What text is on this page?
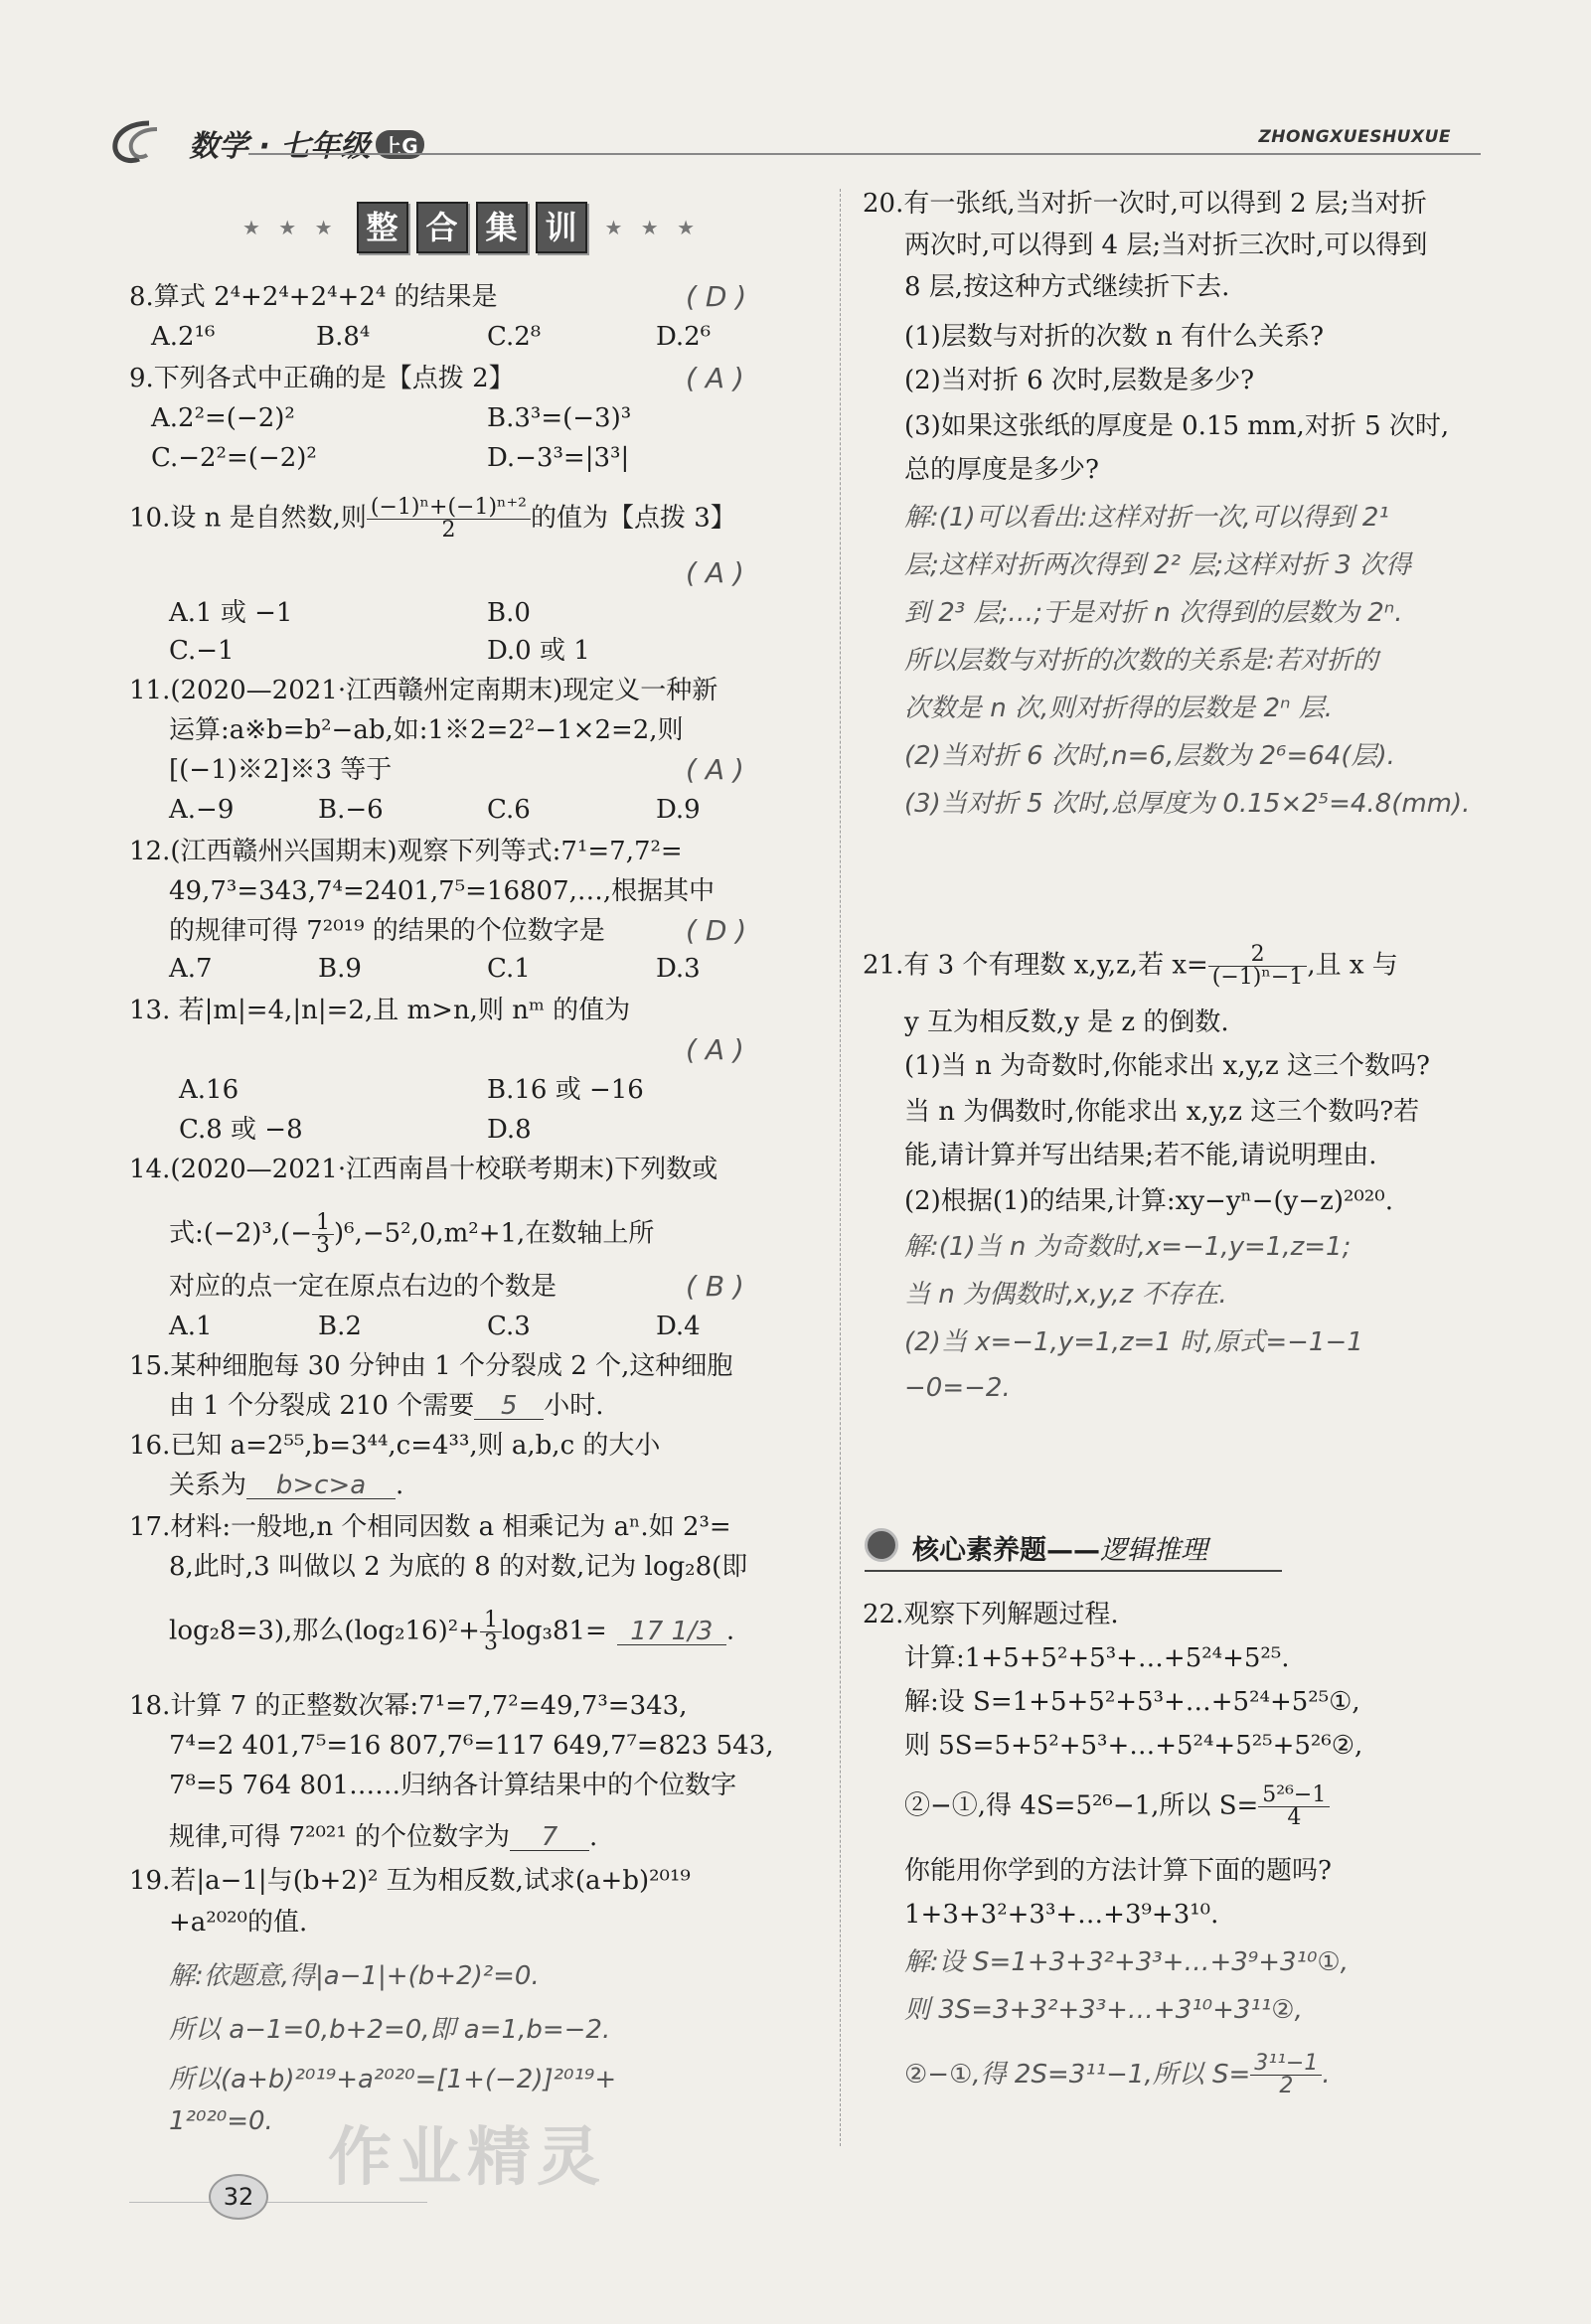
数学 · 七年级 上G	ZHONGXUESHUXUE
★ ★ ★ 整 合 集 训	★ ★ ★
8.算式 2⁴+2⁴+2⁴+2⁴ 的结果是	( D )
A.2¹⁶	B.8⁴	C.2⁸	D.2⁶
9.下列各式中正确的是【点拨 2】	( A )
A.2²=(−2)²	B.3³=(−3)³
C.−2²=(−2)²	D.−3³=|3³|
10.设 n 是自然数,则 $\frac{\text{(−1)ⁿ+(−1)ⁿ⁺²}}{2}$ 的值为【点拨 3】
( A )
A.1 或 −1	B.0
C.−1	D.0 或 1
11.(2020—2021·江西赣州定南期末)现定义一种新
运算:a※b=b²−ab,如:1※2=2²−1×2=2,则
[(−1)※2]※3 等于	( A )
A.−9	B.−6	C.6	D.9
12.(江西赣州兴国期末)观察下列等式:7¹=7,7²=
49,7³=343,7⁴=2401,7⁵=16807,…,根据其中
的规律可得 7²⁰¹⁹ 的结果的个位数字是	( D )
A.7	B.9	C.1	D.3
13. 若|m|=4,|n|=2,且 m>n,则 nᵐ 的值为
( A )
A.16	B.16 或 −16
C.8 或 −8	D.8
14.(2020—2021·江西南昌十校联考期末)下列数或
式:(−2)³,(− $\frac{1}{3} )^6,-5^2,0,m^2+1$,在数轴上所
对应的点一定在原点右边的个数是	( B )
A.1	B.2	C.3	D.4
15.某种细胞每 30 分钟由 1 个分裂成 2 个,这种细胞
由 1 个分裂成 210 个需要 5 小时.
16.已知 a=2⁵⁵,b=3⁴⁴,c=4³³,则 a,b,c 的大小
关系为 b>c>a .
17.材料:一般地,n 个相同因数 a 相乘记为 aⁿ.如 2³=
8,此时,3 叫做以 2 为底的 8 的对数,记为 log₂8(即
log₂8=3),那么$(\log_216)^2+ \frac{1}{3} \log_381= 17$ 1/3 .
18.计算 7 的正整数次幂:7¹=7,7²=49,7³=343,
7⁴=2 401,7⁵=16 807,7⁶=117 649,7⁷=823 543,
7⁸=5 764 801……归纳各计算结果中的个位数字
规律,可得 7²⁰²¹ 的个位数字为 7 .
19.若|a−1|与(b+2)² 互为相反数,试求(a+b)²⁰¹⁹
+a²⁰²⁰的值.
解:依题意,得|a−1|+(b+2)²=0.
所以 a−1=0,b+2=0,即 a=1,b=−2.
所以(a+b)²⁰¹⁹+a²⁰²⁰=[1+(−2)]²⁰¹⁹+
1²⁰²⁰=0.
20.有一张纸,当对折一次时,可以得到 2 层;当对折
两次时,可以得到 4 层;当对折三次时,可以得到
8 层,按这种方式继续折下去.
(1)层数与对折的次数 n 有什么关系?
(2)当对折 6 次时,层数是多少?
(3)如果这张纸的厚度是 0.15 mm,对折 5 次时,
总的厚度是多少?
解:(1)可以看出:这样对折一次,可以得到 2¹
层;这样对折两次得到 2² 层;这样对折 3 次得
到 2³ 层;…;于是对折 n 次得到的层数为 2ⁿ.
所以层数与对折的次数的关系是:若对折的
次数是 n 次,则对折得的层数是 2ⁿ 层.
(2)当对折 6 次时,n=6,层数为 2⁶=64(层).
(3)当对折 5 次时,总厚度为 0.15×2⁵=4.8(mm).
21.有 3 个有理数 x,y,z,若 $x= \frac{2}{\text{(−1)ⁿ−1}}$ ,且 x 与
y 互为相反数,y 是 z 的倒数.
(1)当 n 为奇数时,你能求出 x,y,z 这三个数吗?
当 n 为偶数时,你能求出 x,y,z 这三个数吗?若
能,请计算并写出结果;若不能,请说明理由.
(2)根据(1)的结果,计算:xy−yⁿ−(y−z)²⁰²⁰.
解:(1)当 n 为奇数时,x=−1,y=1,z=1;
当 n 为偶数时,x,y,z 不存在.
(2)当 x=−1,y=1,z=1 时,原式=−1−1
−0=−2.
核心素养题——逻辑推理
22.观察下列解题过程.
计算:1+5+5²+5³+…+5²⁴+5²⁵.
解:设 S=1+5+5²+5³+…+5²⁴+5²⁵①,
则 5S=5+5²+5³+…+5²⁴+5²⁵+5²⁶②,
②−①,得 4S=5²⁶−1,所以 $S= \frac{\text{5²⁶−1}}{4}$
你能用你学到的方法计算下面的题吗?
1+3+3²+3³+…+3⁹+3¹⁰.
解:设 S=1+3+3²+3³+…+3⁹+3¹⁰①,
则 3S=3+3²+3³+…+3¹⁰+3¹¹②,
②−①,得 2S=3¹¹−1,所以 $S= \frac{\text{3¹¹−1}}{2}$ .
作业精灵
32
